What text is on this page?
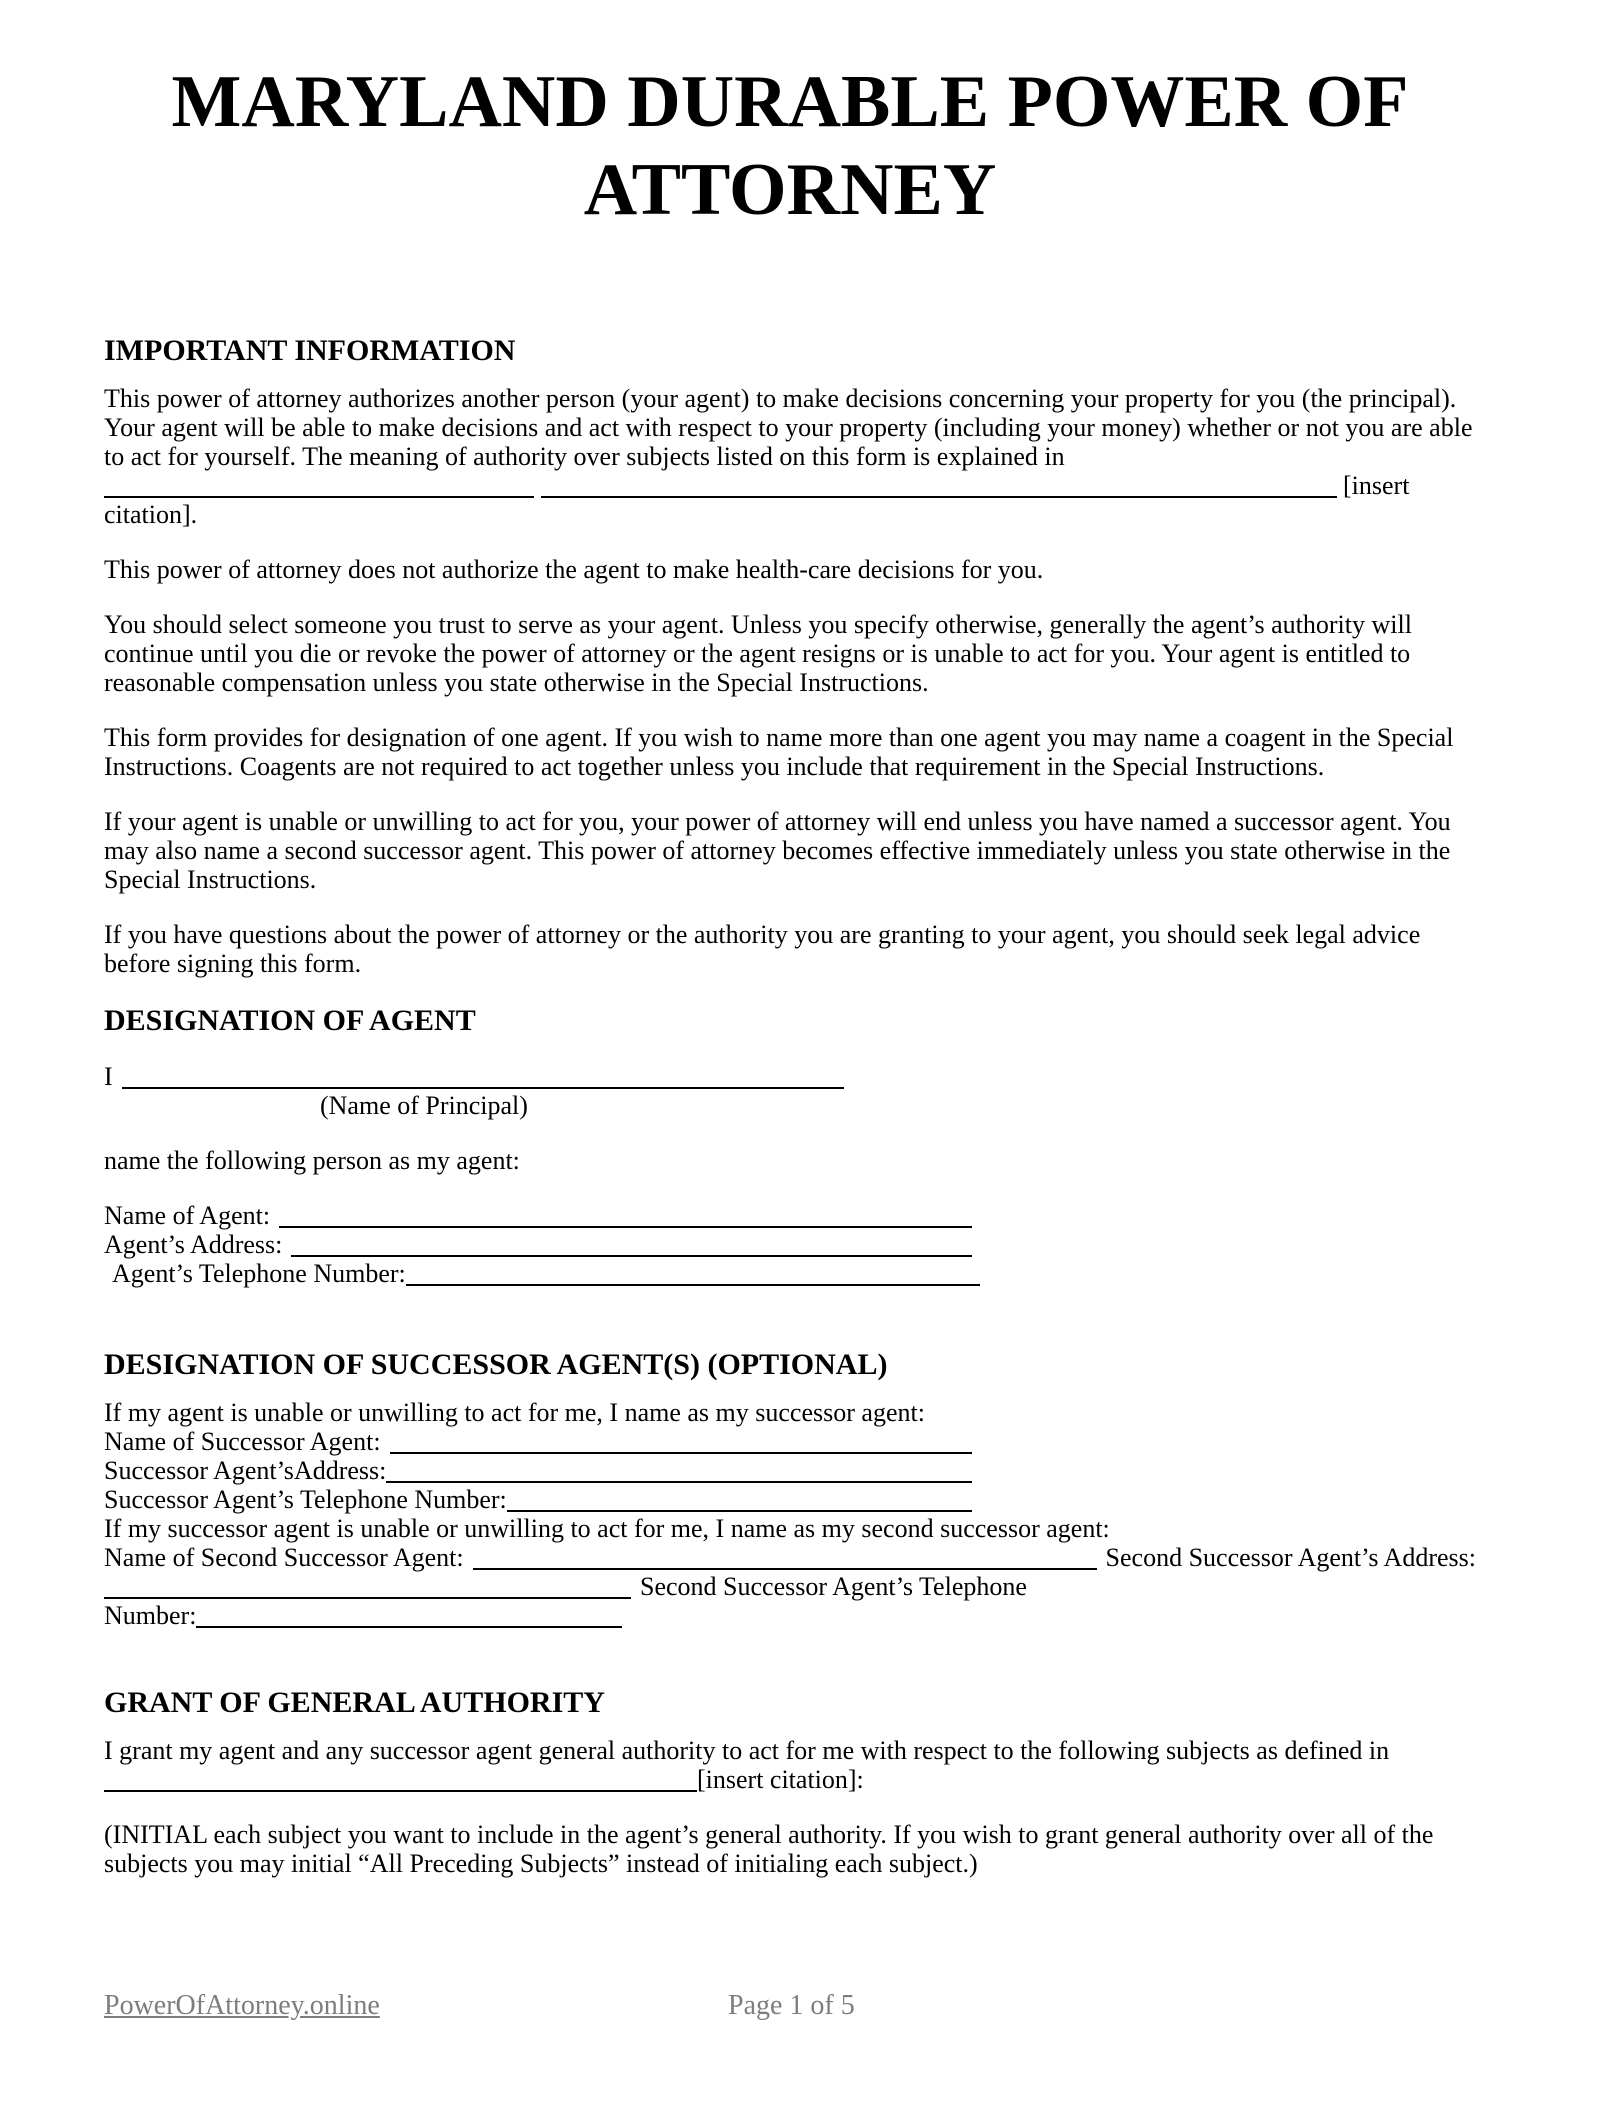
MARYLAND DURABLE POWER OF ATTORNEY
IMPORTANT INFORMATION

This power of attorney authorizes another person (your agent) to make decisions concerning your property for you (the principal). Your agent will be able to make decisions and act with respect to your property (including your money) whether or not you are able to act for yourself. The meaning of authority over subjects listed on this form is explained in   [insert citation].

This power of attorney does not authorize the agent to make health-care decisions for you.

You should select someone you trust to serve as your agent. Unless you specify otherwise, generally the agent’s authority will continue until you die or revoke the power of attorney or the agent resigns or is unable to act for you. Your agent is entitled to reasonable compensation unless you state otherwise in the Special Instructions.

This form provides for designation of one agent. If you wish to name more than one agent you may name a coagent in the Special Instructions. Coagents are not required to act together unless you include that requirement in the Special Instructions.

If your agent is unable or unwilling to act for you, your power of attorney will end unless you have named a successor agent. You may also name a second successor agent. This power of attorney becomes effective immediately unless you state otherwise in the Special Instructions.

If you have questions about the power of attorney or the authority you are granting to your agent, you should seek legal advice before signing this form.

DESIGNATION OF AGENT
I
(Name of Principal)

name the following person as my agent:

Name of Agent:
Agent’s Address:
Agent’s Telephone Number:
DESIGNATION OF SUCCESSOR AGENT(S) (OPTIONAL)

If my agent is unable or unwilling to act for me, I name as my successor agent:

Name of Successor Agent:
Successor Agent’sAddress:
Successor Agent’s Telephone Number:

If my successor agent is unable or unwilling to act for me, I name as my second successor agent:

Name of Second Successor Agent:	Second Successor Agent’s Address:
Second Successor Agent’s Telephone
Number:
GRANT OF GENERAL AUTHORITY

I grant my agent and any successor agent general authority to act for me with respect to the following subjects as defined in [insert citation]:

(INITIAL each subject you want to include in the agent’s general authority. If you wish to grant general authority over all of the subjects you may initial “All Preceding Subjects” instead of initialing each subject.)

PowerOfAttorney.online	Page 1 of 5
